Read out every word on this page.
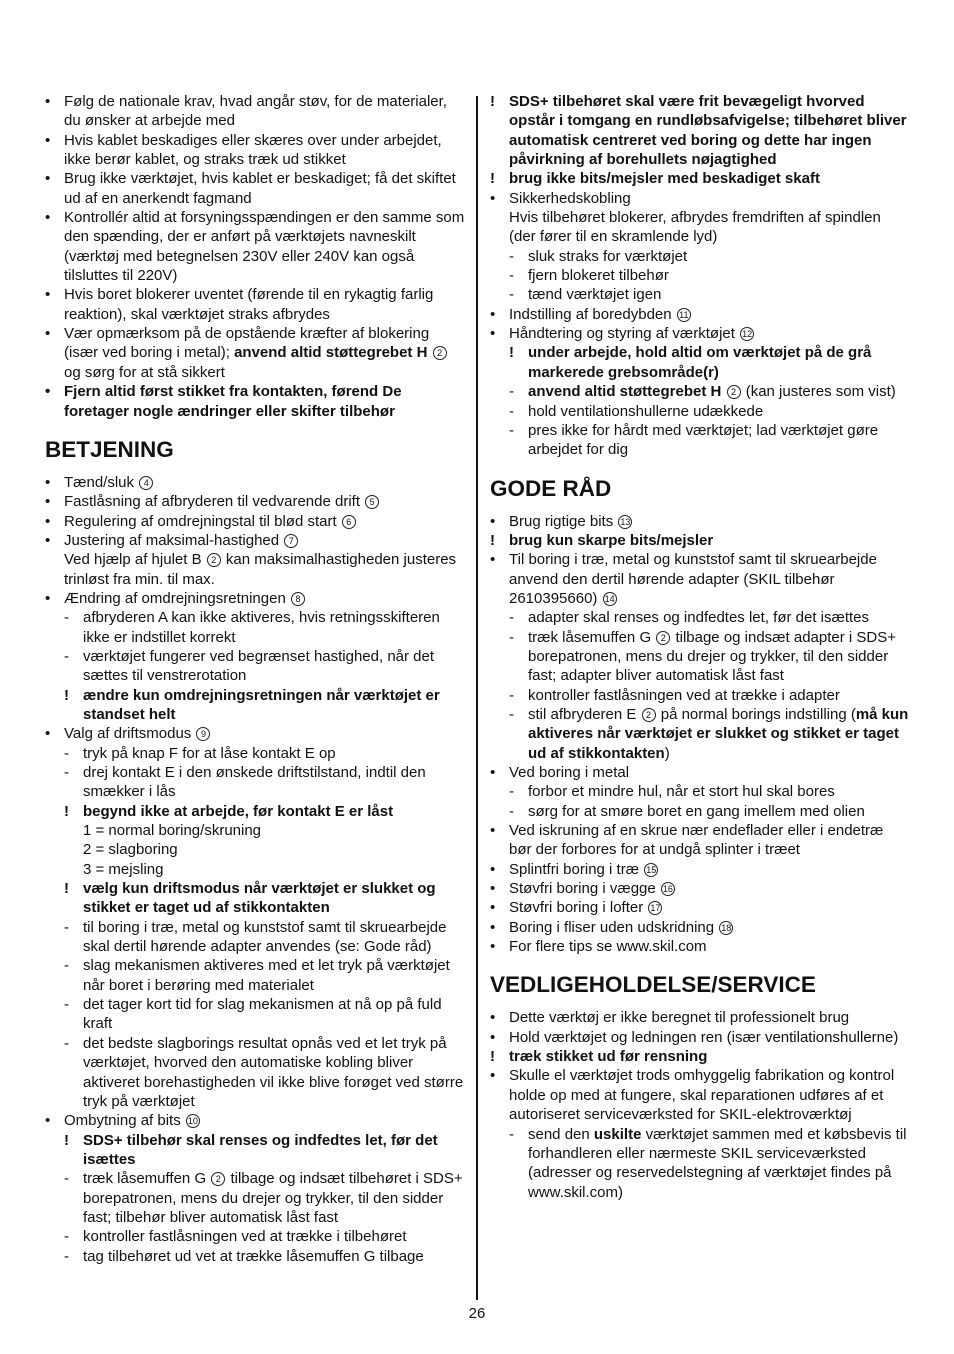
• Følg de nationale krav, hvad angår støv, for de materialer, du ønsker at arbejde med
• Hvis kablet beskadiges eller skæres over under arbejdet, ikke berør kablet, og straks træk ud stikket
• Brug ikke værktøjet, hvis kablet er beskadiget; få det skiftet ud af en anerkendt fagmand
• Kontrollér altid at forsyningsspændingen er den samme som den spænding, der er anført på værktøjets navneskilt (værktøj med betegnelsen 230V eller 240V kan også tilsluttes til 220V)
• Hvis boret blokerer uventet (førende til en rykagtig farlig reaktion), skal værktøjet straks afbrydes
• Vær opmærksom på de opstående kræfter af blokering (især ved boring i metal); anvend altid støttegrebet H 2 og sørg for at stå sikkert
• Fjern altid først stikket fra kontakten, førend De foretager nogle ændringer eller skifter tilbehør
BETJENING
• Tænd/sluk 4
• Fastlåsning af afbryderen til vedvarende drift 5
• Regulering af omdrejningstal til blød start 6
• Justering af maksimal-hastighed 7
Ved hjælp af hjulet B 2 kan maksimalhastigheden justeres trinløst fra min. til max.
• Ændring af omdrejningsretningen 8
- afbryderen A kan ikke aktiveres, hvis retningsskifteren ikke er indstillet korrekt
- værktøjet fungerer ved begrænset hastighed, når det sættes til venstrerotation
! ændre kun omdrejningsretningen når værktøjet er standset helt
• Valg af driftsmodus 9
- tryk på knap F for at låse kontakt E op
- drej kontakt E i den ønskede driftstilstand, indtil den smækker i lås
! begynd ikke at arbejde, før kontakt E er låst
1 = normal boring/skruning
2 = slagboring
3 = mejsling
! vælg kun driftsmodus når værktøjet er slukket og stikket er taget ud af stikkontakten
- til boring i træ, metal og kunststof samt til skruearbejde skal dertil hørende adapter anvendes (se: Gode råd)
- slag mekanismen aktiveres med et let tryk på værktøjet når boret i berøring med materialet
- det tager kort tid for slag mekanismen at nå op på fuld kraft
- det bedste slagborings resultat opnås ved et let tryk på værktøjet, hvorved den automatiske kobling bliver aktiveret borehastigheden vil ikke blive forøget ved større tryk på værktøjet
• Ombytning af bits 10
! SDS+ tilbehør skal renses og indfedtes let, før det isættes
- træk låsemuffen G 2 tilbage og indsæt tilbehøret i SDS+ borepatronen, mens du drejer og trykker, til den sidder fast; tilbehør bliver automatisk låst fast
- kontroller fastlåsningen ved at trække i tilbehøret
- tag tilbehøret ud vet at trække låsemuffen G tilbage
! SDS+ tilbehøret skal være frit bevægeligt hvorved opstår i tomgang en rundløbsafvigelse; tilbehøret bliver automatisk centreret ved boring og dette har ingen påvirkning af borehullets nøjagtighed
! brug ikke bits/mejsler med beskadiget skaft
• Sikkerhedskobling
Hvis tilbehøret blokerer, afbrydes fremdriften af spindlen (der fører til en skramlende lyd)
- sluk straks for værktøjet
- fjern blokeret tilbehør
- tænd værktøjet igen
• Indstilling af boredybden 11
• Håndtering og styring af værktøjet 12
! under arbejde, hold altid om værktøjet på de grå markerede grebsområde(r)
- anvend altid støttegrebet H 2 (kan justeres som vist)
- hold ventilationshullerne udækkede
- pres ikke for hårdt med værktøjet; lad værktøjet gøre arbejdet for dig
GODE RÅD
• Brug rigtige bits 13
! brug kun skarpe bits/mejsler
• Til boring i træ, metal og kunststof samt til skruearbejde anvend den dertil hørende adapter (SKIL tilbehør 2610395660) 14
- adapter skal renses og indfedtes let, før det isættes
- træk låsemuffen G 2 tilbage og indsæt adapter i SDS+ borepatronen, mens du drejer og trykker, til den sidder fast; adapter bliver automatisk låst fast
- kontroller fastlåsningen ved at trække i adapter
- stil afbryderen E 2 på normal borings indstilling (må kun aktiveres når værktøjet er slukket og stikket er taget ud af stikkontakten)
• Ved boring i metal
- forbor et mindre hul, når et stort hul skal bores
- sørg for at smøre boret en gang imellem med olien
• Ved iskruning af en skrue nær endeflader eller i endetræ bør der forbores for at undgå splinter i træet
• Splintfri boring i træ 15
• Støvfri boring i vægge 16
• Støvfri boring i lofter 17
• Boring i fliser uden udskridning 18
• For flere tips se www.skil.com
VEDLIGEHOLDELSE/SERVICE
• Dette værktøj er ikke beregnet til professionelt brug
• Hold værktøjet og ledningen ren (især ventilationshullerne)
! træk stikket ud før rensning
• Skulle el værktøjet trods omhyggelig fabrikation og kontrol holde op med at fungere, skal reparationen udføres af et autoriseret serviceværksted for SKIL-elektroværktøj
- send den uskilte værktøjet sammen med et købsbevis til forhandleren eller nærmeste SKIL serviceværksted (adresser og reservedelstegning af værktøjet findes på www.skil.com)
26
